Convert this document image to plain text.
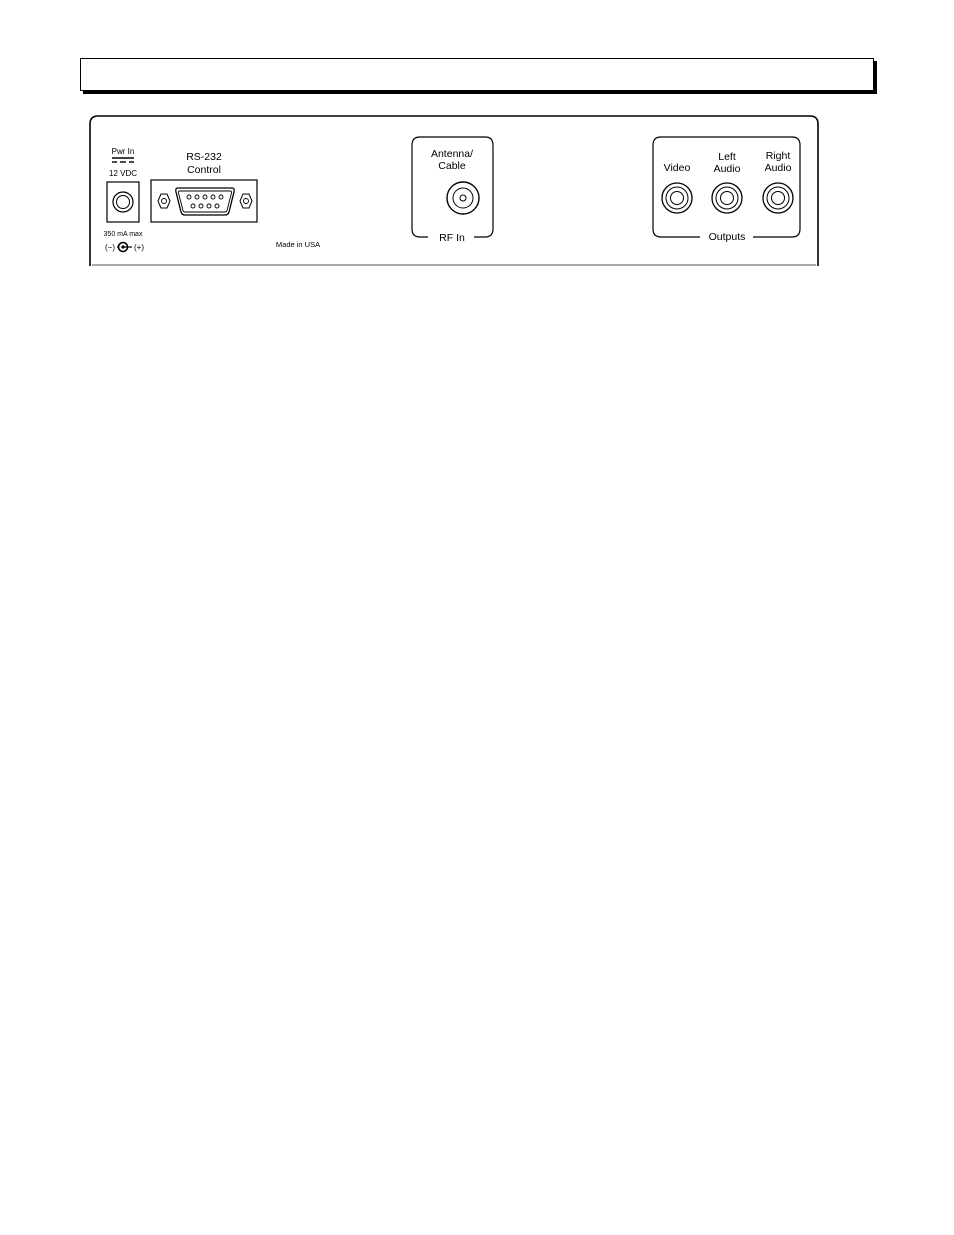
Pwr In
12 VDC
350 mA max
(−) (+)
RS-232
Control
Made in USA
Antenna/
Cable
RF In
Video
Left
Audio
Right
Audio
Outputs
